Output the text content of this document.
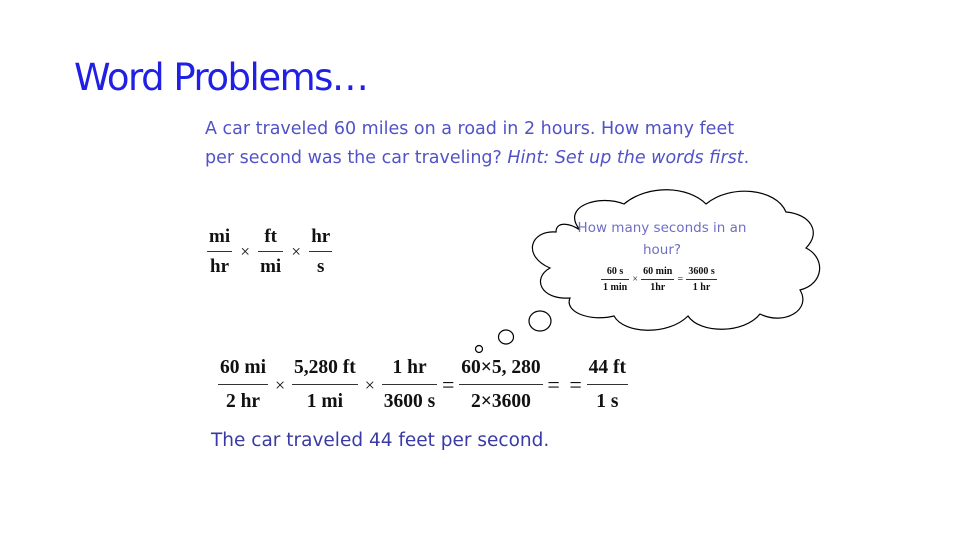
Word Problems…
A car traveled 60 miles on a road in 2 hours. How many feet per second was the car traveling? Hint: Set up the words first.
$\frac{mi}{hr} \times \frac{ft}{mi} \times \frac{hr}{s}$	How many seconds in an hour?
$\frac{60 s}{1 \min} \times \frac{60 \min}{1hr} = \frac{3600 s}{1 hr}$
$\frac{60 mi}{2 hr} \times \frac{5,280 ft}{1 mi} \times \frac{1 hr}{3600 s} = \frac{60\times 5, 280}{2\times 3600}$ = = $\frac{44 ft}{1 s}$
The car traveled 44 feet per second.
